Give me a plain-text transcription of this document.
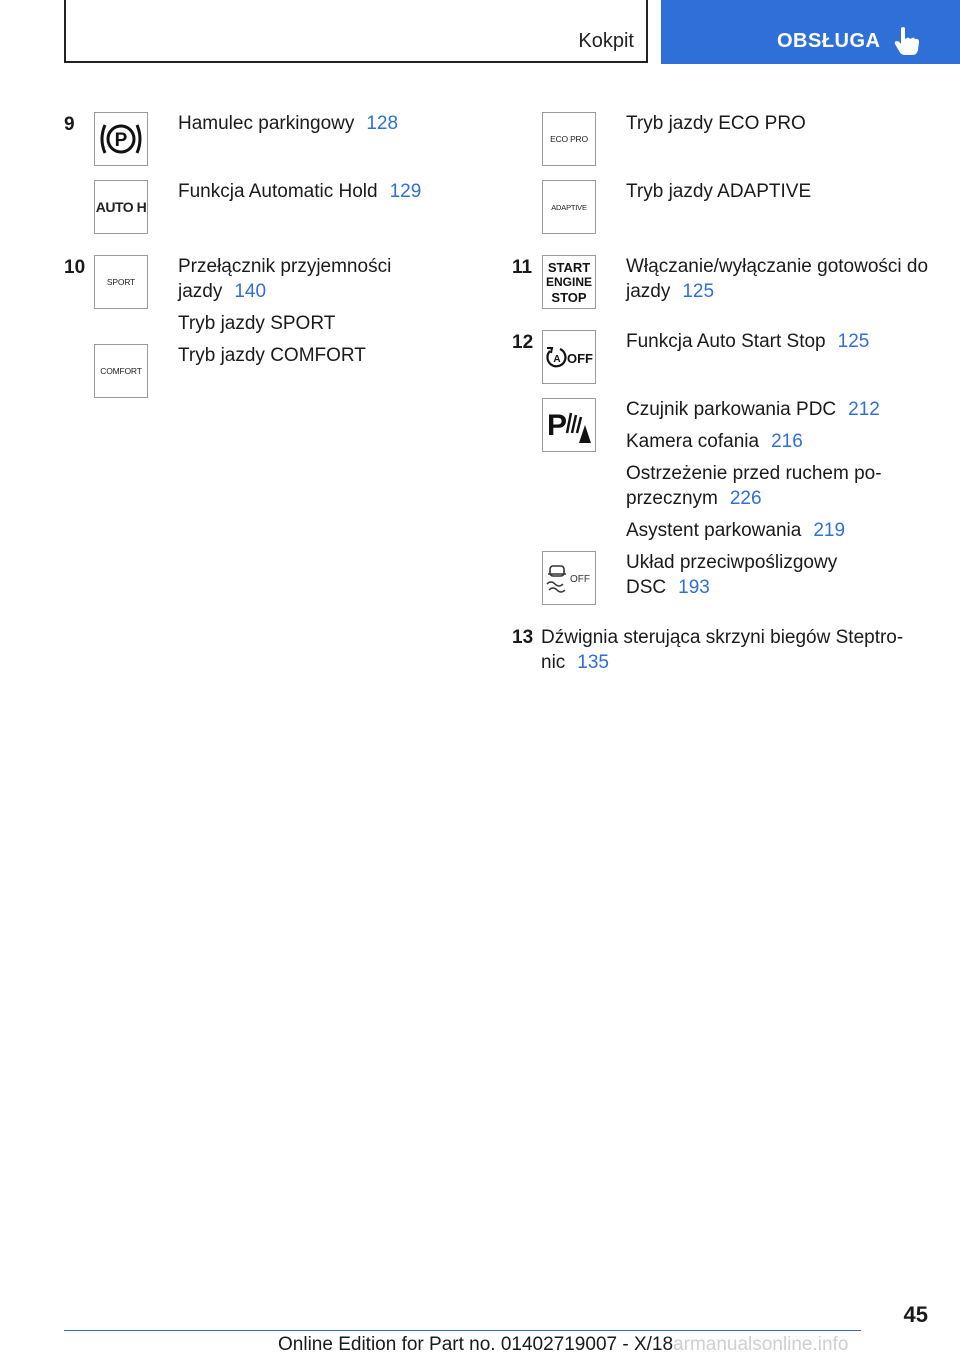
Kokpit	OBSŁUGA
9
P
Hamulec parkingowy 128
AUTO H
Funkcja Automatic Hold 129
10
SPORT
Przełącznik przyjemności
jazdy 140
Tryb jazdy SPORT
Tryb jazdy COMFORT
COMFORT
ECO PRO
Tryb jazdy ECO PRO
ADAPTIVE
Tryb jazdy ADAPTIVE
11 START
ENGINE
STOP
Włączanie/wyłączanie gotowości do
jazdy 125
12
A OFF
Funkcja Auto Start Stop 125
P	Czujnik parkowania PDC 212
Kamera cofania 216
Ostrzeżenie przed ruchem po-
przecznym 226
Asystent parkowania 219
OFF
Układ przeciwpoślizgowy
DSC 193
13 Dźwignia sterująca skrzyni biegów Steptro-
nic 135
45
Online Edition for Part no. 01402719007 - X/18armanualsonline.info
